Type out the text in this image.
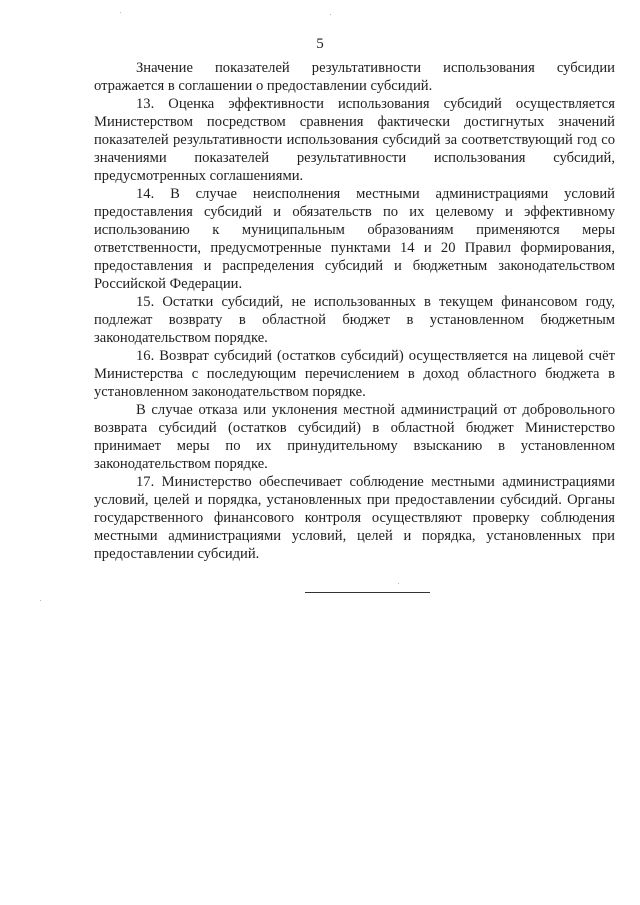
5

Значение показателей результативности использования субсидии отражается в соглашении о предоставлении субсидий.

13. Оценка эффективности использования субсидий осуществляется Министерством посредством сравнения фактически достигнутых значений показателей результативности использования субсидий за соответствующий год со значениями показателей результативности использования субсидий, предусмотренных соглашениями.

14. В случае неисполнения местными администрациями условий предоставления субсидий и обязательств по их целевому и эффективному использованию к муниципальным образованиям применяются меры ответственности, предусмотренные пунктами 14 и 20 Правил формирования, предоставления и распределения субсидий и бюджетным законодательством Российской Федерации.

15. Остатки субсидий, не использованных в текущем финансовом году, подлежат возврату в областной бюджет в установленном бюджетным законодательством порядке.

16. Возврат субсидий (остатков субсидий) осуществляется на лицевой счёт Министерства с последующим перечислением в доход областного бюджета в установленном законодательством порядке.

В случае отказа или уклонения местной администраций от добровольного возврата субсидий (остатков субсидий) в областной бюджет Министерство принимает меры по их принудительному взысканию в установленном законодательством порядке.

17. Министерство обеспечивает соблюдение местными администрациями условий, целей и порядка, установленных при предоставлении субсидий. Органы государственного финансового контроля осуществляют проверку соблюдения местными администрациями условий, целей и порядка, установленных при предоставлении субсидий.
